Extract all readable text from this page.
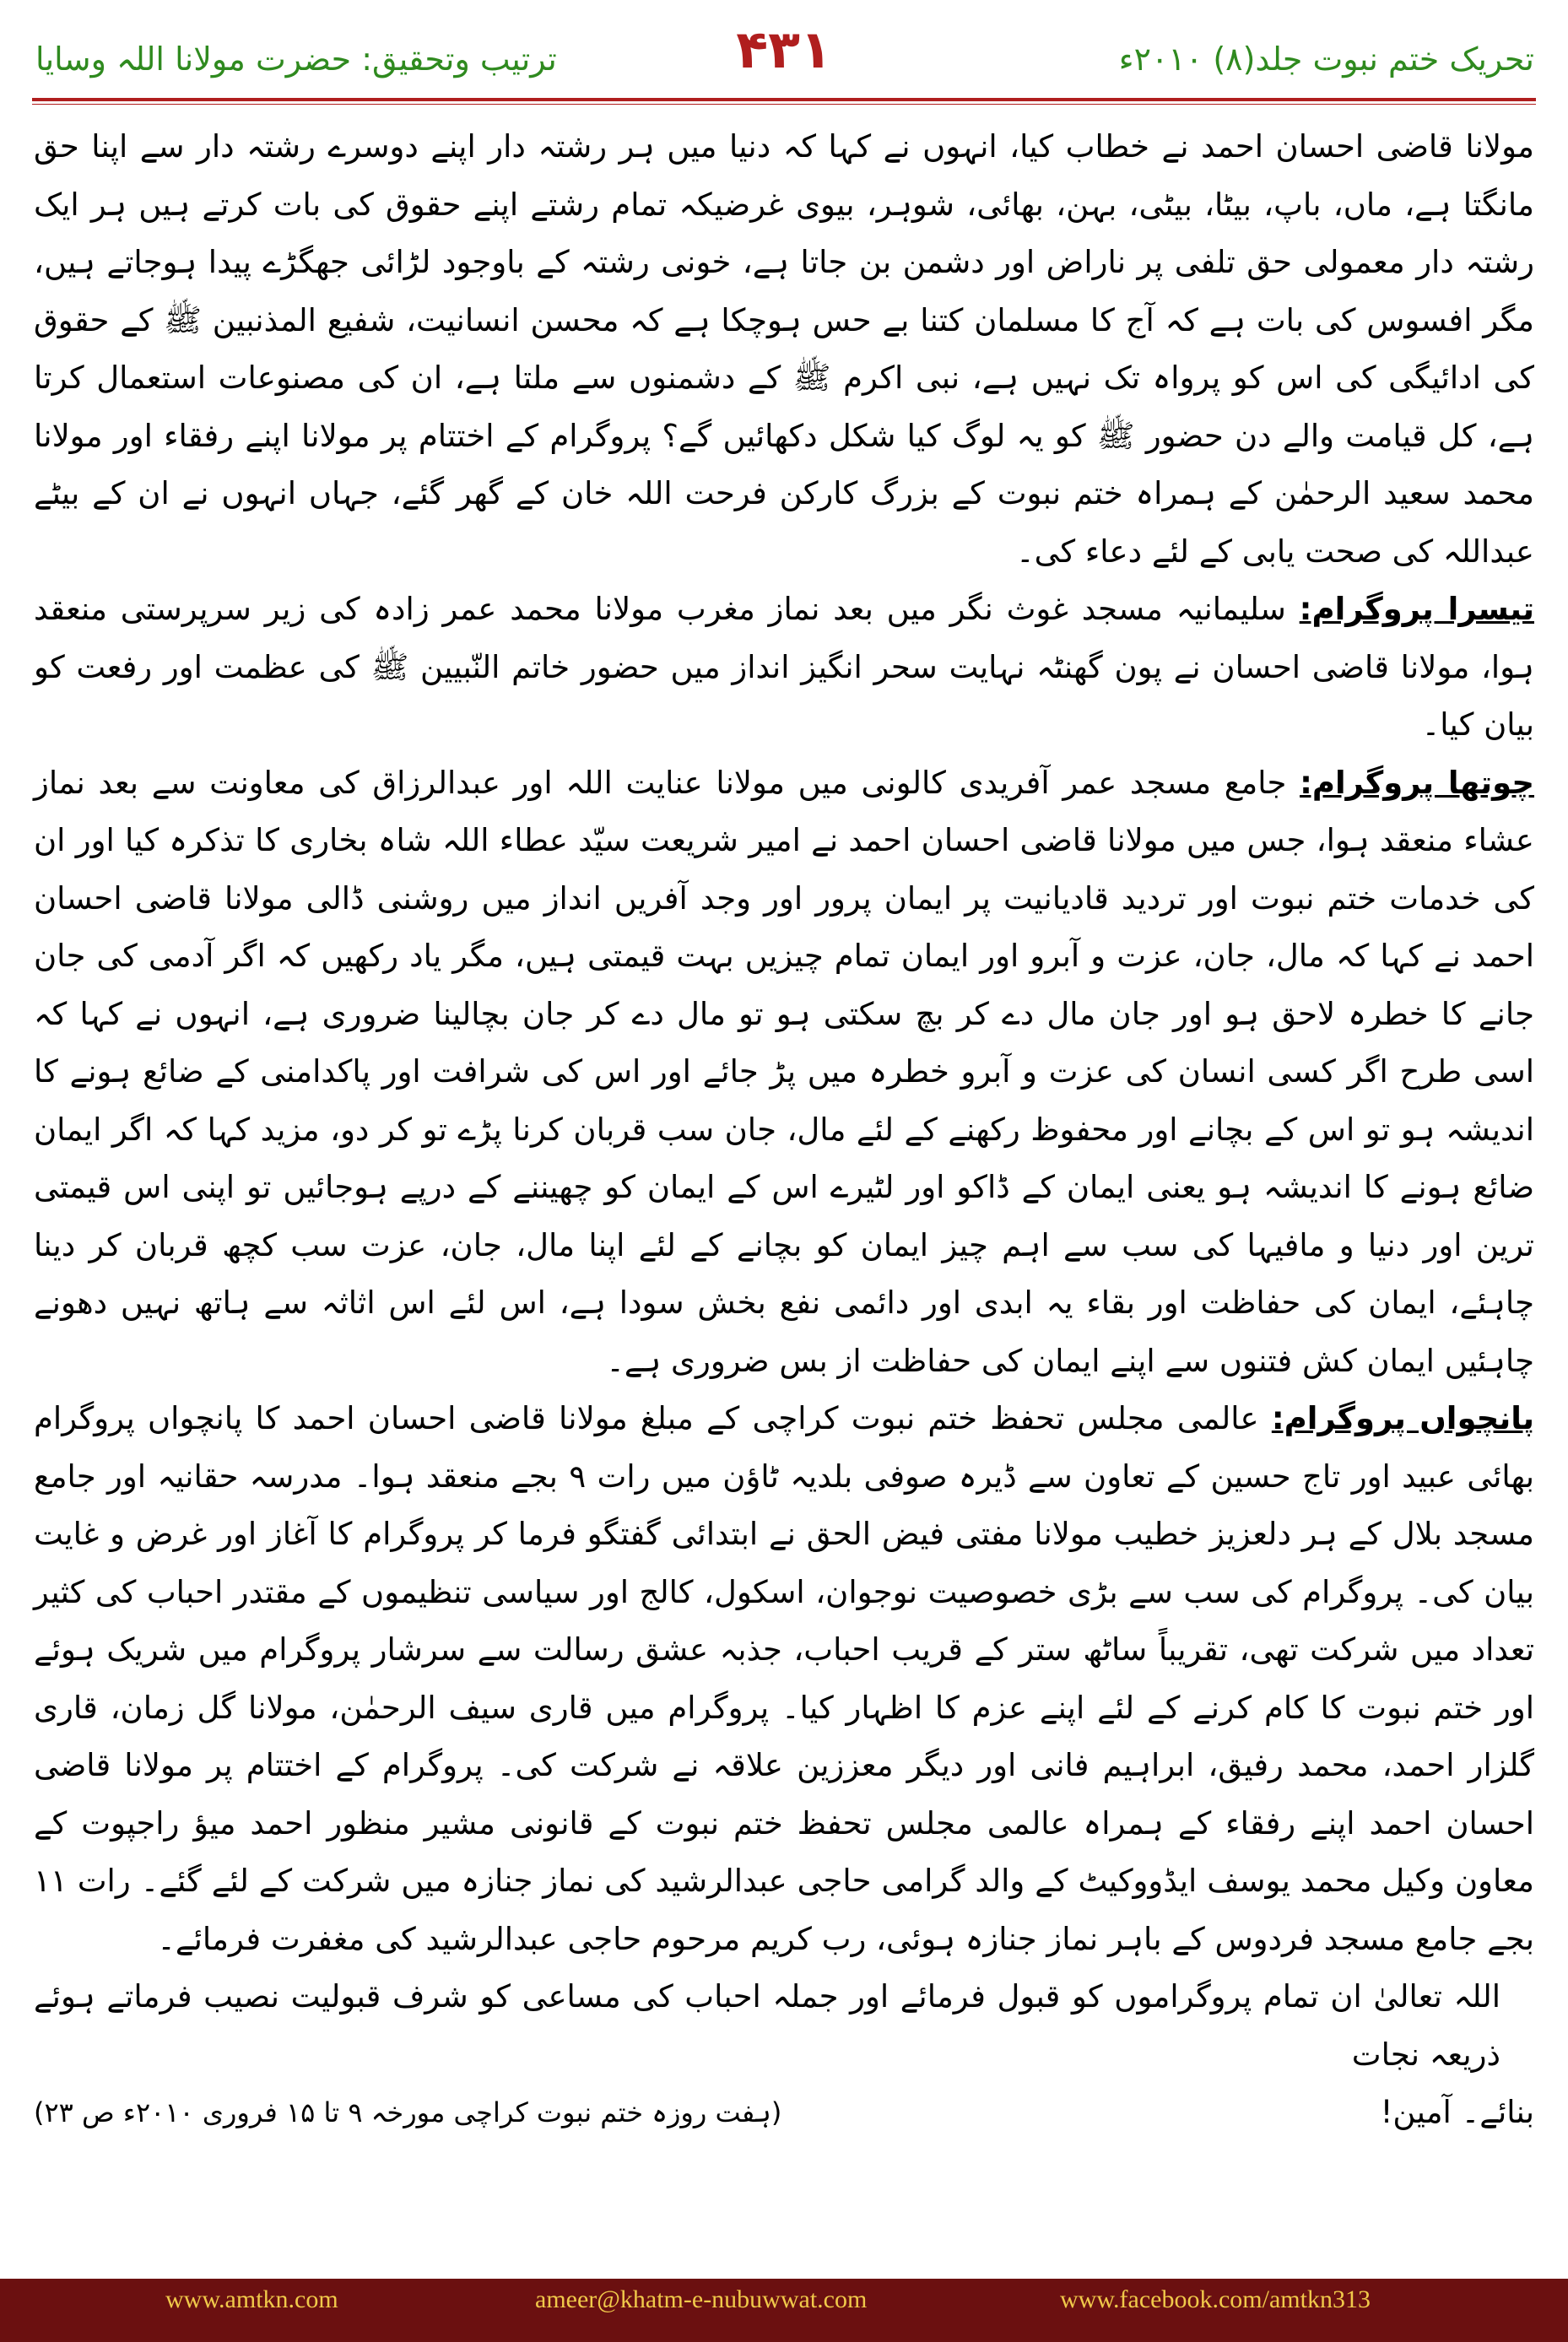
ترتیب وتحقیق: حضرت مولانا اللہ وسایا	۴۳۱	تحریک ختم نبوت جلد(۸) ۲۰۱۰ء

مولانا قاضی احسان احمد نے خطاب کیا، انہوں نے کہا کہ دنیا میں ہر رشتہ دار اپنے دوسرے رشتہ دار سے اپنا حق مانگتا ہے، ماں، باپ، بیٹا، بیٹی، بہن، بھائی، شوہر، بیوی غرضیکہ تمام رشتے اپنے حقوق کی بات کرتے ہیں ہر ایک رشتہ دار معمولی حق تلفی پر ناراض اور دشمن بن جاتا ہے، خونی رشتہ کے باوجود لڑائی جھگڑے پیدا ہوجاتے ہیں، مگر افسوس کی بات ہے کہ آج کا مسلمان کتنا بے حس ہوچکا ہے کہ محسن انسانیت، شفیع المذنبین ﷺ کے حقوق کی ادائیگی کی اس کو پرواہ تک نہیں ہے، نبی اکرم ﷺ کے دشمنوں سے ملتا ہے، ان کی مصنوعات استعمال کرتا ہے، کل قیامت والے دن حضور ﷺ کو یہ لوگ کیا شکل دکھائیں گے؟ پروگرام کے اختتام پر مولانا اپنے رفقاء اور مولانا محمد سعید الرحمٰن کے ہمراہ ختم نبوت کے بزرگ کارکن فرحت اللہ خان کے گھر گئے، جہاں انہوں نے ان کے بیٹے عبداللہ کی صحت یابی کے لئے دعاء کی۔

تیسرا پروگرام: سلیمانیہ مسجد غوث نگر میں بعد نماز مغرب مولانا محمد عمر زادہ کی زیر سرپرستی منعقد ہوا، مولانا قاضی احسان نے پون گھنٹہ نہایت سحر انگیز انداز میں حضور خاتم النّبیین ﷺ کی عظمت اور رفعت کو بیان کیا۔

چوتھا پروگرام: جامع مسجد عمر آفریدی کالونی میں مولانا عنایت اللہ اور عبدالرزاق کی معاونت سے بعد نماز عشاء منعقد ہوا، جس میں مولانا قاضی احسان احمد نے امیر شریعت سیّد عطاء اللہ شاہ بخاری کا تذکرہ کیا اور ان کی خدمات ختم نبوت اور تردید قادیانیت پر ایمان پرور اور وجد آفریں انداز میں روشنی ڈالی مولانا قاضی احسان احمد نے کہا کہ مال، جان، عزت و آبرو اور ایمان تمام چیزیں بہت قیمتی ہیں، مگر یاد رکھیں کہ اگر آدمی کی جان جانے کا خطرہ لاحق ہو اور جان مال دے کر بچ سکتی ہو تو مال دے کر جان بچالینا ضروری ہے، انہوں نے کہا کہ اسی طرح اگر کسی انسان کی عزت و آبرو خطرہ میں پڑ جائے اور اس کی شرافت اور پاکدامنی کے ضائع ہونے کا اندیشہ ہو تو اس کے بچانے اور محفوظ رکھنے کے لئے مال، جان سب قربان کرنا پڑے تو کر دو، مزید کہا کہ اگر ایمان ضائع ہونے کا اندیشہ ہو یعنی ایمان کے ڈاکو اور لٹیرے اس کے ایمان کو چھیننے کے درپے ہوجائیں تو اپنی اس قیمتی ترین اور دنیا و مافیہا کی سب سے اہم چیز ایمان کو بچانے کے لئے اپنا مال، جان، عزت سب کچھ قربان کر دینا چاہئے، ایمان کی حفاظت اور بقاء یہ ابدی اور دائمی نفع بخش سودا ہے، اس لئے اس اثاثہ سے ہاتھ نہیں دھونے چاہئیں ایمان کش فتنوں سے اپنے ایمان کی حفاظت از بس ضروری ہے۔

پانچواں پروگرام: عالمی مجلس تحفظ ختم نبوت کراچی کے مبلغ مولانا قاضی احسان احمد کا پانچواں پروگرام بھائی عبید اور تاج حسین کے تعاون سے ڈیرہ صوفی بلدیہ ٹاؤن میں رات ۹ بجے منعقد ہوا۔ مدرسہ حقانیہ اور جامع مسجد بلال کے ہر دلعزیز خطیب مولانا مفتی فیض الحق نے ابتدائی گفتگو فرما کر پروگرام کا آغاز اور غرض و غایت بیان کی۔ پروگرام کی سب سے بڑی خصوصیت نوجوان، اسکول، کالج اور سیاسی تنظیموں کے مقتدر احباب کی کثیر تعداد میں شرکت تھی، تقریباً ساٹھ ستر کے قریب احباب، جذبہ عشق رسالت سے سرشار پروگرام میں شریک ہوئے اور ختم نبوت کا کام کرنے کے لئے اپنے عزم کا اظہار کیا۔ پروگرام میں قاری سیف الرحمٰن، مولانا گل زمان، قاری گلزار احمد، محمد رفیق، ابراہیم فانی اور دیگر معززین علاقہ نے شرکت کی۔ پروگرام کے اختتام پر مولانا قاضی احسان احمد اپنے رفقاء کے ہمراہ عالمی مجلس تحفظ ختم نبوت کے قانونی مشیر منظور احمد میؤ راجپوت کے معاون وکیل محمد یوسف ایڈووکیٹ کے والد گرامی حاجی عبدالرشید کی نماز جنازہ میں شرکت کے لئے گئے۔ رات ۱۱ بجے جامع مسجد فردوس کے باہر نماز جنازہ ہوئی، رب کریم مرحوم حاجی عبدالرشید کی مغفرت فرمائے۔

اللہ تعالیٰ ان تمام پروگراموں کو قبول فرمائے اور جملہ احباب کی مساعی کو شرف قبولیت نصیب فرماتے ہوئے ذریعہ نجات

بنائے۔ آمین!
(ہفت روزہ ختم نبوت کراچی مورخہ ۹ تا ۱۵ فروری ۲۰۱۰ء ص ۲۳)
www.amtkn.com	ameer@khatm-e-nubuwwat.com	www.facebook.com/amtkn313
